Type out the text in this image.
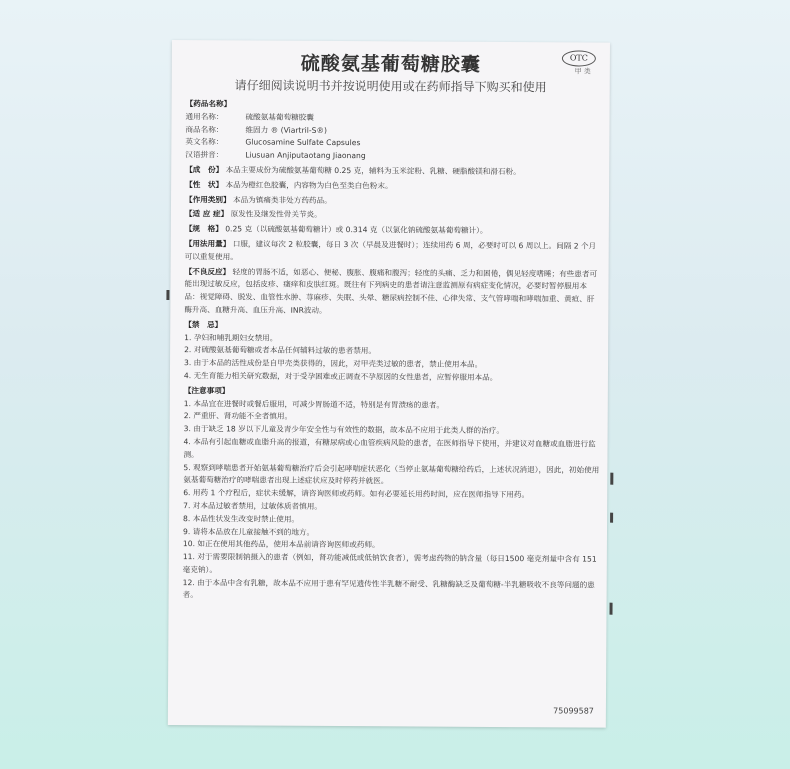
硫酸氨基葡萄糖胶囊	OTC
甲 类
请仔细阅读说明书并按说明使用或在药师指导下购买和使用
【药品名称】
通用名称：	硫酸氨基葡萄糖胶囊
商品名称：	维固力 ® (Viartril-S®)
英文名称：	Glucosamine Sulfate Capsules
汉语拼音：	Liusuan Anjiputaotang Jiaonang
【成　份】 本品主要成份为硫酸氨基葡萄糖 0.25 克，辅料为玉米淀粉、乳糖、硬脂酸镁和滑石粉。
【性　状】 本品为橙红色胶囊，内容物为白色至类白色粉末。
【作用类别】 本品为镇痛类非处方药药品。
【适 应 症】 原发性及继发性骨关节炎。
【规　格】 0.25 克（以硫酸氨基葡萄糖计）或 0.314 克（以氯化钠硫酸氨基葡萄糖计）。
【用法用量】 口服，建议每次 2 粒胶囊，每日 3 次（早晨及进餐时）；连续用药 6 周，必要时可以 6 周以上。间隔 2 个月可以重复使用。
【不良反应】 轻度的胃肠不适，如恶心、便秘、腹胀、腹痛和腹泻；轻度的头痛、乏力和困倦，偶见轻度嗜睡；有些患者可能出现过敏反应，包括皮疹、瘙痒和皮肤红斑。既往有下列病史的患者请注意监测原有病症变化情况，必要时暂停服用本品：视觉障碍、脱发、血管性水肿、荨麻疹、失眠、头晕、糖尿病控制不佳、心律失常、支气管哮喘和哮喘加重、黄疸、肝酶升高、血糖升高、血压升高、INR波动。
【禁　忌】
1. 孕妇和哺乳期妇女禁用。
2. 对硫酸氨基葡萄糖或者本品任何辅料过敏的患者禁用。
3. 由于本品的活性成份是自甲壳类获得的，因此，对甲壳类过敏的患者，禁止使用本品。
4. 无生育能力相关研究数据，对于受孕困难或正调查不孕原因的女性患者，应暂停服用本品。
【注意事项】
1. 本品宜在进餐时或餐后服用，可减少胃肠道不适，特别是有胃溃疡的患者。
2. 严重肝、肾功能不全者慎用。
3. 由于缺乏 18 岁以下儿童及青少年安全性与有效性的数据，故本品不应用于此类人群的治疗。
4. 本品有引起血糖或血脂升高的报道，有糖尿病或心血管疾病风险的患者，在医师指导下使用，并建议对血糖或血脂进行监测。
5. 观察到哮喘患者开始氨基葡萄糖治疗后会引起哮喘症状恶化（当停止氨基葡萄糖给药后，上述状况消退），因此，初始使用氨基葡萄糖治疗的哮喘患者出现上述症状应及时停药并就医。
6. 用药 1 个疗程后，症状未缓解，请咨询医师或药师。如有必要延长用药时间，应在医师指导下用药。
7. 对本品过敏者禁用，过敏体质者慎用。
8. 本品性状发生改变时禁止使用。
9. 请将本品放在儿童接触不到的地方。
10. 如正在使用其他药品，使用本品前请咨询医师或药师。
11. 对于需要限制钠摄入的患者（例如，肾功能减低或低钠饮食者），需考虑药物的钠含量（每日1500 毫克剂量中含有 151 毫克钠）。
12. 由于本品中含有乳糖，故本品不应用于患有罕见遗传性半乳糖不耐受、乳糖酶缺乏及葡萄糖-半乳糖吸收不良等问题的患者。
75099587
